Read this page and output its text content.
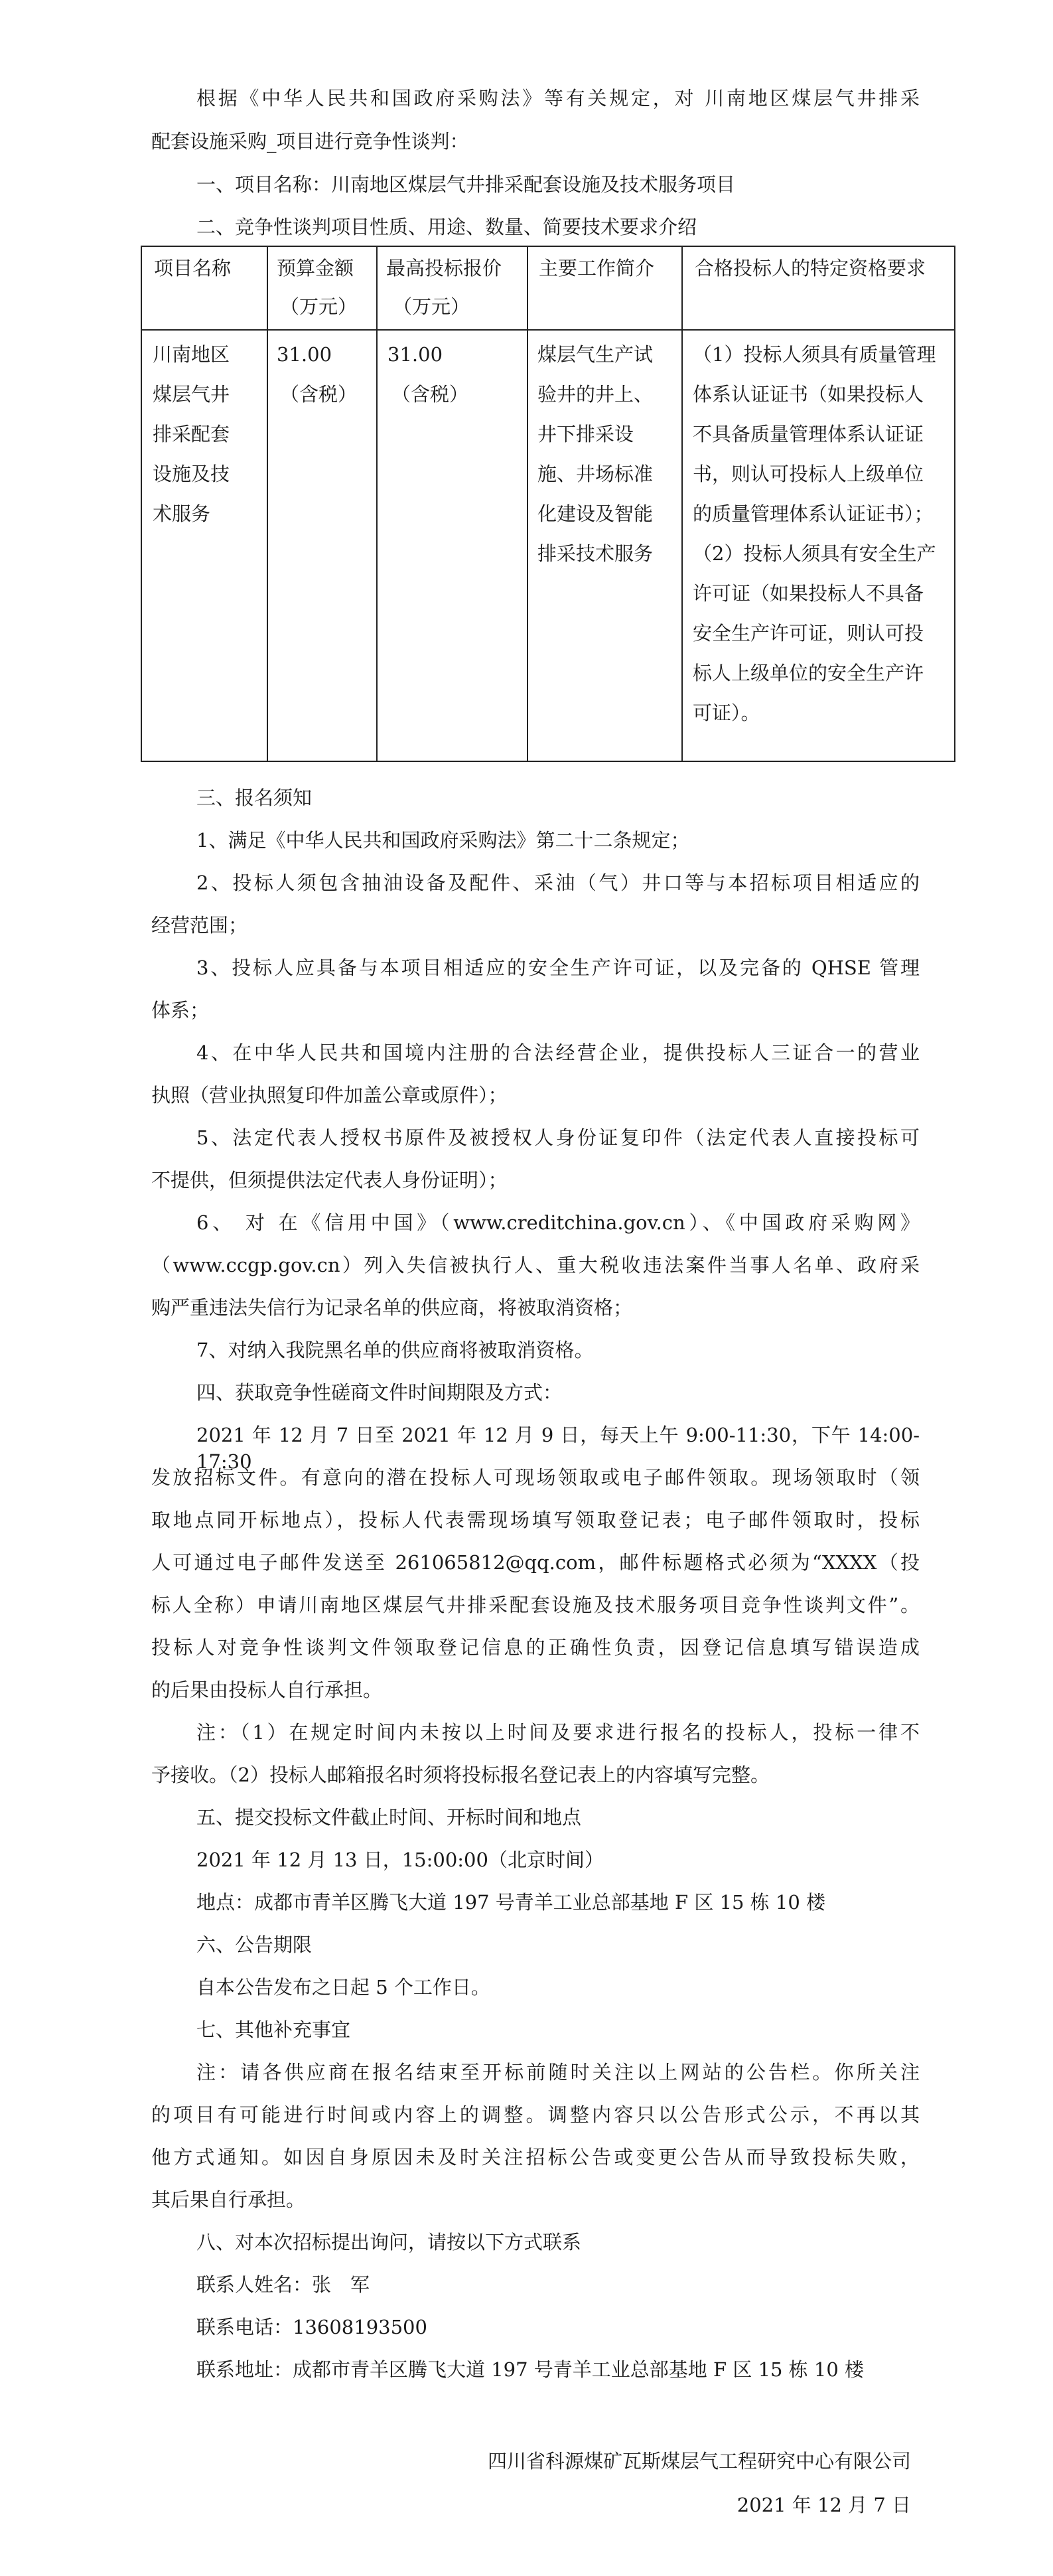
根据《中华人民共和国政府采购法》等有关规定，对 川南地区煤层气井排采
配套设施采购_项目进行竞争性谈判：
一、项目名称：川南地区煤层气井排采配套设施及技术服务项目
二、竞争性谈判项目性质、用途、数量、简要技术要求介绍
项目名称 预算金额
（万元）
最高投标报价
（万元）
主要工作简介 合格投标人的特定资格要求
川南地区
煤层气井
排采配套
设施及技
术服务
31.00
（含税）
31.00
（含税）
煤层气生产试
验井的井上、
井下排采设
施、井场标准
化建设及智能
排采技术服务
（1）投标人须具有质量管理
体系认证证书（如果投标人
不具备质量管理体系认证证
书，则认可投标人上级单位
的质量管理体系认证证书）；
（2）投标人须具有安全生产
许可证（如果投标人不具备
安全生产许可证，则认可投
标人上级单位的安全生产许
可证）。
三、报名须知
1、满足《中华人民共和国政府采购法》第二十二条规定；
2、投标人须包含抽油设备及配件、采油（气）井口等与本招标项目相适应的
经营范围；
3、投标人应具备与本项目相适应的安全生产许可证，以及完备的 QHSE 管理
体系；
4、在中华人民共和国境内注册的合法经营企业，提供投标人三证合一的营业
执照（营业执照复印件加盖公章或原件）；
5、法定代表人授权书原件及被授权人身份证复印件（法定代表人直接投标可
不提供，但须提供法定代表人身份证明）；
6、 对 在《信用中国》（www.creditchina.gov.cn）、《中国政府采购网》
（www.ccgp.gov.cn）列入失信被执行人、重大税收违法案件当事人名单、政府采
购严重违法失信行为记录名单的供应商，将被取消资格；
7、对纳入我院黑名单的供应商将被取消资格。
四、获取竞争性磋商文件时间期限及方式：
2021 年 12 月 7 日至 2021 年 12 月 9 日，每天上午 9:00-11:30，下午 14:00-17:30
发放招标文件。有意向的潜在投标人可现场领取或电子邮件领取。现场领取时（领
取地点同开标地点），投标人代表需现场填写领取登记表；电子邮件领取时，投标
人可通过电子邮件发送至 261065812@qq.com，邮件标题格式必须为“XXXX（投
标人全称）申请川南地区煤层气井排采配套设施及技术服务项目竞争性谈判文件”。
投标人对竞争性谈判文件领取登记信息的正确性负责，因登记信息填写错误造成
的后果由投标人自行承担。
注：（1）在规定时间内未按以上时间及要求进行报名的投标人，投标一律不
予接收。（2）投标人邮箱报名时须将投标报名登记表上的内容填写完整。
五、提交投标文件截止时间、开标时间和地点
2021 年 12 月 13 日，15:00:00（北京时间）
地点：成都市青羊区腾飞大道 197 号青羊工业总部基地 F 区 15 栋 10 楼
六、公告期限
自本公告发布之日起 5 个工作日。
七、其他补充事宜
注：请各供应商在报名结束至开标前随时关注以上网站的公告栏。你所关注
的项目有可能进行时间或内容上的调整。调整内容只以公告形式公示，不再以其
他方式通知。如因自身原因未及时关注招标公告或变更公告从而导致投标失败，
其后果自行承担。
八、对本次招标提出询问，请按以下方式联系
联系人姓名：张　军
联系电话：13608193500
联系地址：成都市青羊区腾飞大道 197 号青羊工业总部基地 F 区 15 栋 10 楼
四川省科源煤矿瓦斯煤层气工程研究中心有限公司
2021 年 12 月 7 日
